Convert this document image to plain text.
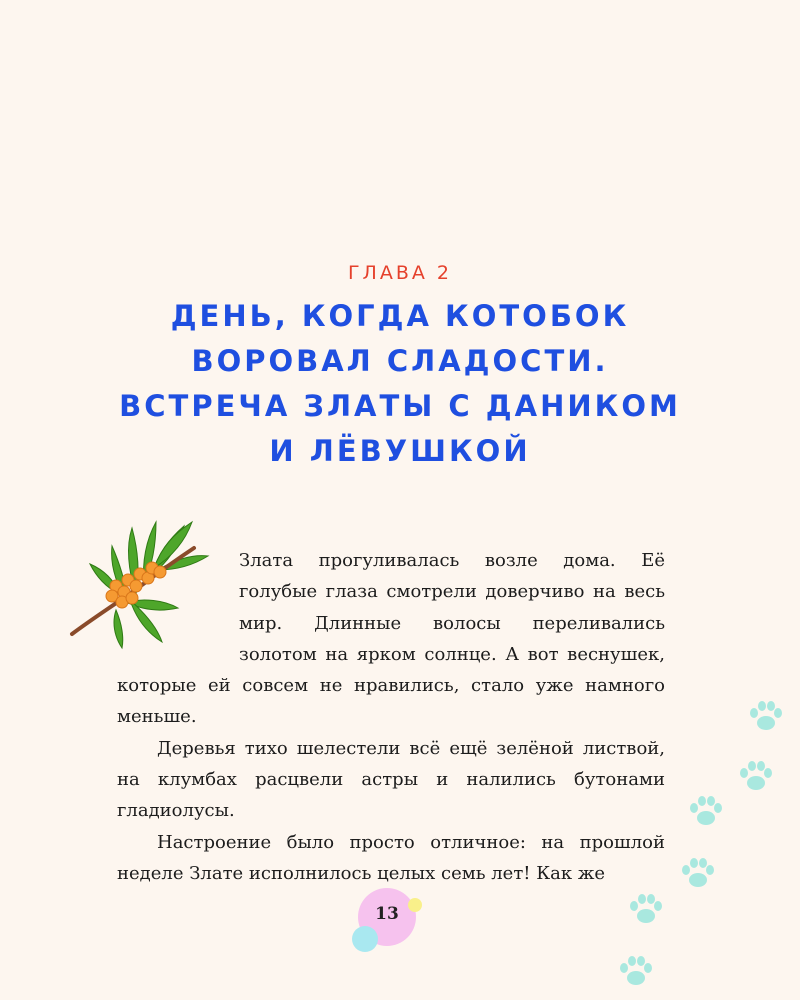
ГЛАВА 2
ДЕНЬ, КОГДА КОТОБОК
ВОРОВАЛ СЛАДОСТИ.
ВСТРЕЧА ЗЛАТЫ С ДАНИКОМ
И ЛЁВУШКОЙ

Злата прогуливалась возле дома. Её голубые глаза смотрели доверчиво на весь мир. Длинные волосы переливались золотом на ярком солнце. А вот веснушек, которые ей совсем не нравились, стало уже намного меньше.

Деревья тихо шелестели всё ещё зелёной листвой, на клумбах расцвели астры и налились бутонами гладиолусы.

Настроение было просто отличное: на прошлой неделе Злате исполнилось целых семь лет! Как же

13
